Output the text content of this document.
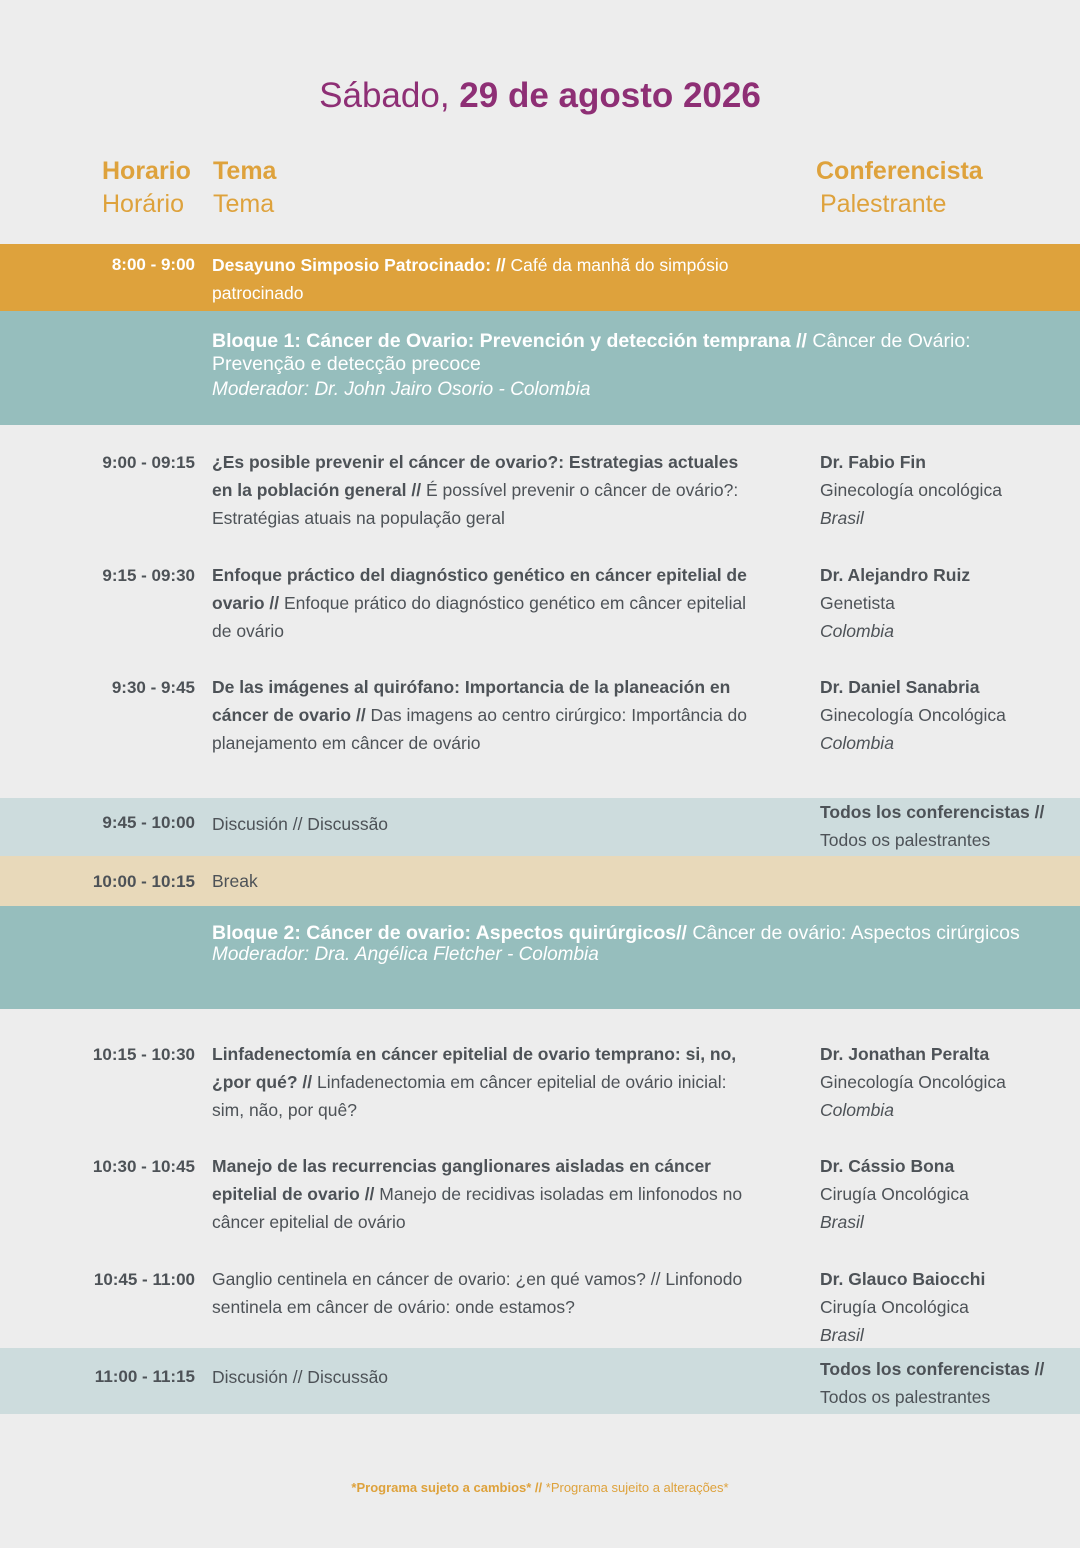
Sábado, 29 de agosto 2026
Horario
Horário
Tema
Tema
Conferencista
Palestrante
8:00 - 9:00 Desayuno Simposio Patrocinado: // Café da manhã do simpósio patrocinado
Bloque 1: Cáncer de Ovario: Prevención y detección temprana // Câncer de Ovário: Prevenção e detecção precoce
Moderador: Dr. John Jairo Osorio - Colombia
9:00 - 09:15 ¿Es posible prevenir el cáncer de ovario?: Estrategias actuales en la población general // É possível prevenir o câncer de ovário?: Estratégias atuais na população geral
Dr. Fabio Fin
Ginecología oncológica
Brasil
9:15 - 09:30 Enfoque práctico del diagnóstico genético en cáncer epitelial de ovario // Enfoque prático do diagnóstico genético em câncer epitelial de ovário
Dr. Alejandro Ruiz
Genetista
Colombia
9:30 - 9:45 De las imágenes al quirófano: Importancia de la planeación en cáncer de ovario // Das imagens ao centro cirúrgico: Importância do planejamento em câncer de ovário
Dr. Daniel Sanabria
Ginecología Oncológica
Colombia
9:45 - 10:00 Discusión // Discussão
Todos los conferencistas //
Todos os palestrantes
10:00 - 10:15 Break
Bloque 2: Cáncer de ovario: Aspectos quirúrgicos// Câncer de ovário: Aspectos cirúrgicos
Moderador: Dra. Angélica Fletcher - Colombia
10:15 - 10:30 Linfadenectomía en cáncer epitelial de ovario temprano: si, no, ¿por qué? // Linfadenectomia em câncer epitelial de ovário inicial: sim, não, por quê?
Dr. Jonathan Peralta
Ginecología Oncológica
Colombia
10:30 - 10:45 Manejo de las recurrencias ganglionares aisladas en cáncer epitelial de ovario // Manejo de recidivas isoladas em linfonodos no câncer epitelial de ovário
Dr. Cássio Bona
Cirugía Oncológica
Brasil
10:45 - 11:00 Ganglio centinela en cáncer de ovario: ¿en qué vamos? // Linfonodo sentinela em câncer de ovário: onde estamos?
Dr. Glauco Baiocchi
Cirugía Oncológica
Brasil
11:00 - 11:15 Discusión // Discussão	Todos los conferencistas //
Todos os palestrantes
*Programa sujeto a cambios* // *Programa sujeito a alterações*
